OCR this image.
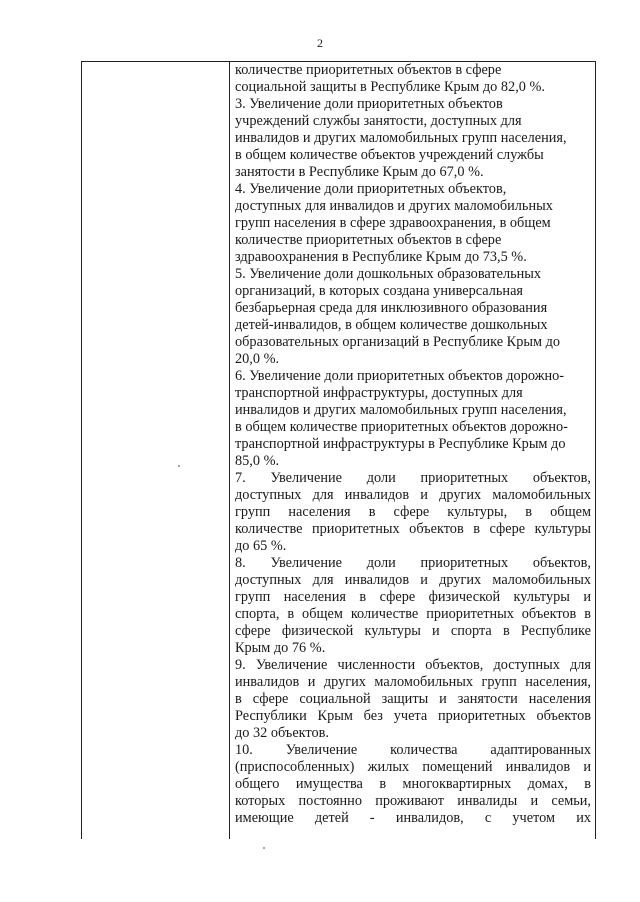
2
количестве приоритетных объектов в сфере
социальной защиты в Республике Крым до 82,0 %.
3. Увеличение доли приоритетных объектов
учреждений службы занятости, доступных для
инвалидов и других маломобильных групп населения,
в общем количестве объектов учреждений службы
занятости в Республике Крым до 67,0 %.
4. Увеличение доли приоритетных объектов,
доступных для инвалидов и других маломобильных
групп населения в сфере здравоохранения, в общем
количестве приоритетных объектов в сфере
здравоохранения в Республике Крым до 73,5 %.
5. Увеличение доли дошкольных образовательных
организаций, в которых создана универсальная
безбарьерная среда для инклюзивного образования
детей-инвалидов, в общем количестве дошкольных
образовательных организаций в Республике Крым до
20,0 %.
6. Увеличение доли приоритетных объектов дорожно-
транспортной инфраструктуры, доступных для
инвалидов и других маломобильных групп населения,
в общем количестве приоритетных объектов дорожно-
транспортной инфраструктуры в Республике Крым до
85,0 %.
7. Увеличение доли приоритетных объектов,
доступных для инвалидов и других маломобильных
групп населения в сфере культуры, в общем
количестве приоритетных объектов в сфере культуры
до 65 %.
8. Увеличение доли приоритетных объектов,
доступных для инвалидов и других маломобильных
групп населения в сфере физической культуры и
спорта, в общем количестве приоритетных объектов в
сфере физической культуры и спорта в Республике
Крым до 76 %.
9. Увеличение численности объектов, доступных для
инвалидов и других маломобильных групп населения,
в сфере социальной защиты и занятости населения
Республики Крым без учета приоритетных объектов
до 32 объектов.
10. Увеличение количества адаптированных
(приспособленных) жилых помещений инвалидов и
общего имущества в многоквартирных домах, в
которых постоянно проживают инвалиды и семьи,
имеющие детей - инвалидов, с учетом их
